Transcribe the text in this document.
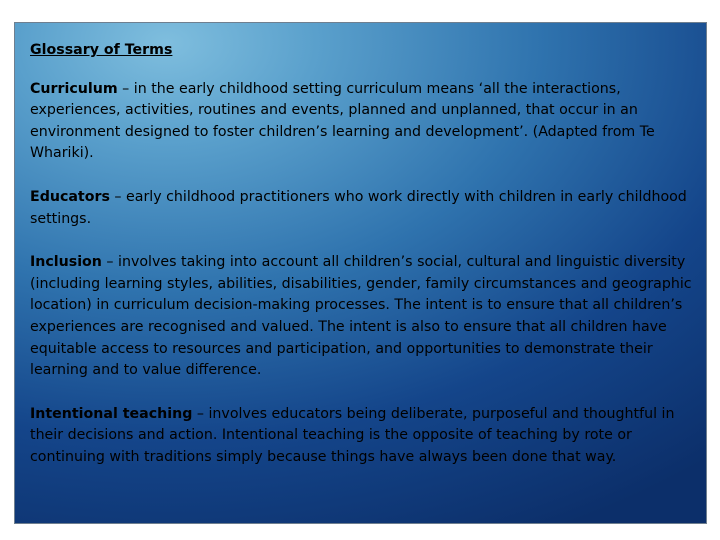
Glossary of Terms
Curriculum – in the early childhood setting curriculum means ‘all the interactions, experiences, activities, routines and events, planned and unplanned, that occur in an environment designed to foster children’s learning and development’. (Adapted from Te Whariki).
Educators – early childhood practitioners who work directly with children in early childhood settings.
Inclusion – involves taking into account all children’s social, cultural and linguistic diversity (including learning styles, abilities, disabilities, gender, family circumstances and geographic location) in curriculum decision-making processes. The intent is to ensure that all children’s experiences are recognised and valued. The intent is also to ensure that all children have equitable access to resources and participation, and opportunities to demonstrate their learning and to value difference.
Intentional teaching – involves educators being deliberate, purposeful and thoughtful in their decisions and action. Intentional teaching is the opposite of teaching by rote or continuing with traditions simply because things have always been done that way.
